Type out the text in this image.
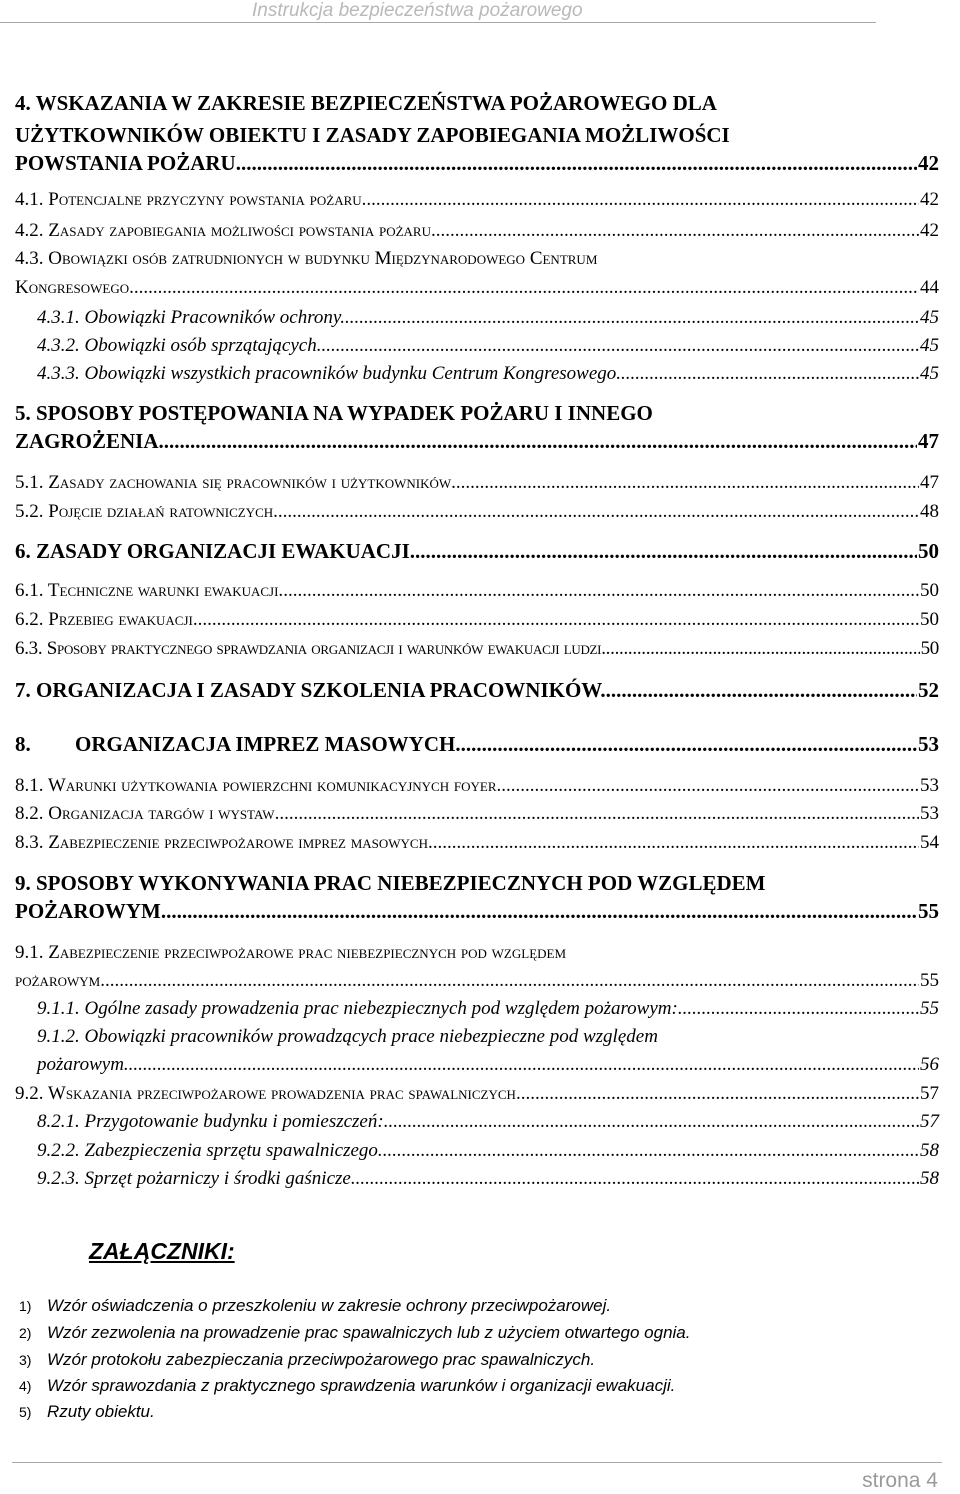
Instrukcja bezpieczeństwa pożarowego
4. WSKAZANIA W ZAKRESIE BEZPIECZEŃSTWA POŻAROWEGO DLA
UŻYTKOWNIKÓW OBIEKTU I ZASADY ZAPOBIEGANIA MOŻLIWOŚCI
POWSTANIA POŻARU. .....	42
4.1. Potencjalne przyczyny powstania pożaru. .....	42
4.2. Zasady zapobiegania możliwości powstania pożaru. .....	42
4.3. Obowiązki osób zatrudnionych w budynku Międzynarodowego Centrum
Kongresowego. .....	44
4.3.1. Obowiązki Pracowników ochrony. .....	45
4.3.2. Obowiązki osób sprzątających. .....	45
4.3.3. Obowiązki wszystkich pracowników budynku Centrum Kongresowego. .....	45
5. SPOSOBY POSTĘPOWANIA NA WYPADEK POŻARU I INNEGO
ZAGROŻENIA. .....	47
5.1. Zasady zachowania się pracowników i użytkowników. .....	47
5.2. Pojęcie działań ratowniczych. .....	48
6. ZASADY ORGANIZACJI EWAKUACJI. .....	50
6.1. Techniczne warunki ewakuacji. .....	50
6.2. Przebieg ewakuacji. .....	50
6.3. Sposoby praktycznego sprawdzania organizacji i warunków ewakuacji ludzi. .....	50
7. ORGANIZACJA I ZASADY SZKOLENIA PRACOWNIKÓW. .....	52
8.	ORGANIZACJA IMPREZ MASOWYCH .....	53
8.1. Warunki użytkowania powierzchni komunikacyjnych foyer. .....	53
8.2. Organizacja targów i wystaw. .....	53
8.3. Zabezpieczenie przeciwpożarowe imprez masowych. .....	54
9. SPOSOBY WYKONYWANIA PRAC NIEBEZPIECZNYCH POD WZGLĘDEM
POŻAROWYM. .....	55
9.1. Zabezpieczenie przeciwpożarowe prac niebezpiecznych pod względem
pożarowym. .....	55
9.1.1. Ogólne zasady prowadzenia prac niebezpiecznych pod względem pożarowym: .....	55
9.1.2. Obowiązki pracowników prowadzących prace niebezpieczne pod względem
pożarowym. .....	56
9.2. Wskazania przeciwpożarowe prowadzenia prac spawalniczych. .....	57
8.2.1. Przygotowanie budynku i pomieszczeń: .....	57
9.2.2. Zabezpieczenia sprzętu spawalniczego. .....	58
9.2.3. Sprzęt pożarniczy i środki gaśnicze. .....	58
ZAŁĄCZNIKI:
1) Wzór oświadczenia o przeszkoleniu w zakresie ochrony przeciwpożarowej.
2) Wzór zezwolenia na prowadzenie prac spawalniczych lub z użyciem otwartego ognia.
3) Wzór protokołu zabezpieczania przeciwpożarowego prac spawalniczych.
4) Wzór sprawozdania z praktycznego sprawdzenia warunków i organizacji ewakuacji.
5) Rzuty obiektu.
strona 4
